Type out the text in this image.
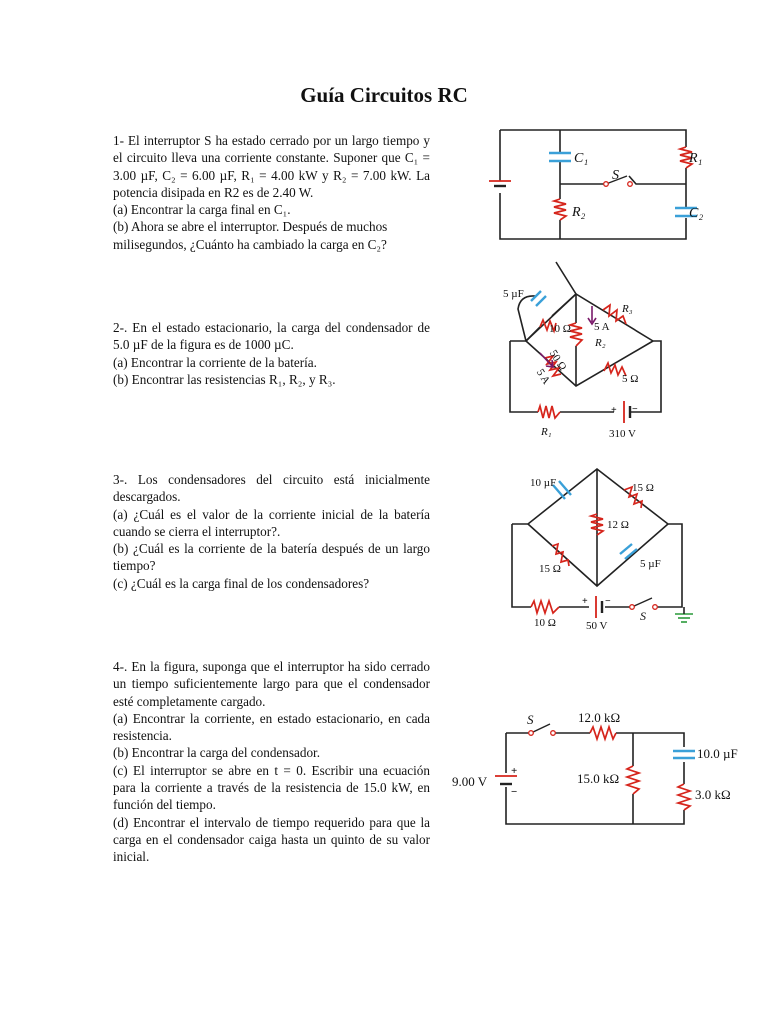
Guía Circuitos RC

1- El interruptor S ha estado cerrado por un largo tiempo y el circuito lleva una corriente constante. Suponer que C₁ = 3.00 µF, C₂ = 6.00 µF, R₁ = 4.00 kW y R₂ = 7.00 kW. La potencia disipada en R2 es de 2.40 W.

(a) Encontrar la carga final en C₁.

(b) Ahora se abre el interruptor. Después de muchos milisegundos, ¿Cuánto ha cambiado la carga en C₂?

2-. En el estado estacionario, la carga del condensador de 5.0 µF de la figura es de 1000 µC.

(a) Encontrar la corriente de la batería.

(b) Encontrar las resistencias R₁, R₂, y R₃.

3-. Los condensadores del circuito está inicialmente descargados.

(a) ¿Cuál es el valor de la corriente inicial de la batería cuando se cierra el interruptor?.

(b) ¿Cuál es la corriente de la batería después de un largo tiempo?

(c) ¿Cuál es la carga final de los condensadores?

4-. En la figura, suponga que el interruptor ha sido cerrado un tiempo suficientemente largo para que el condensador esté completamente cargado.

(a) Encontrar la corriente, en estado estacionario, en cada resistencia.

(b) Encontrar la carga del condensador.

(c) El interruptor se abre en t = 0. Escribir una ecuación para la corriente a través de la resistencia de 15.0 kW, en función del tiempo.

(d) Encontrar el intervalo de tiempo requerido para que la carga en el condensador caiga hasta un quinto de su valor inicial.

C₁	R₁
S
R₂	C₂
5 µF
10 Ω 5 A
R₃
R₂
50 Ω
5 A	5 Ω
R₁	310 V
+ −
10 µF	15 Ω
12 Ω
5 µF
15 Ω
10 Ω	50 V
S
+ −
S	12.0 kΩ
10.0 µF
9.00 V	15.0 kΩ
3.0 kΩ
+
−
